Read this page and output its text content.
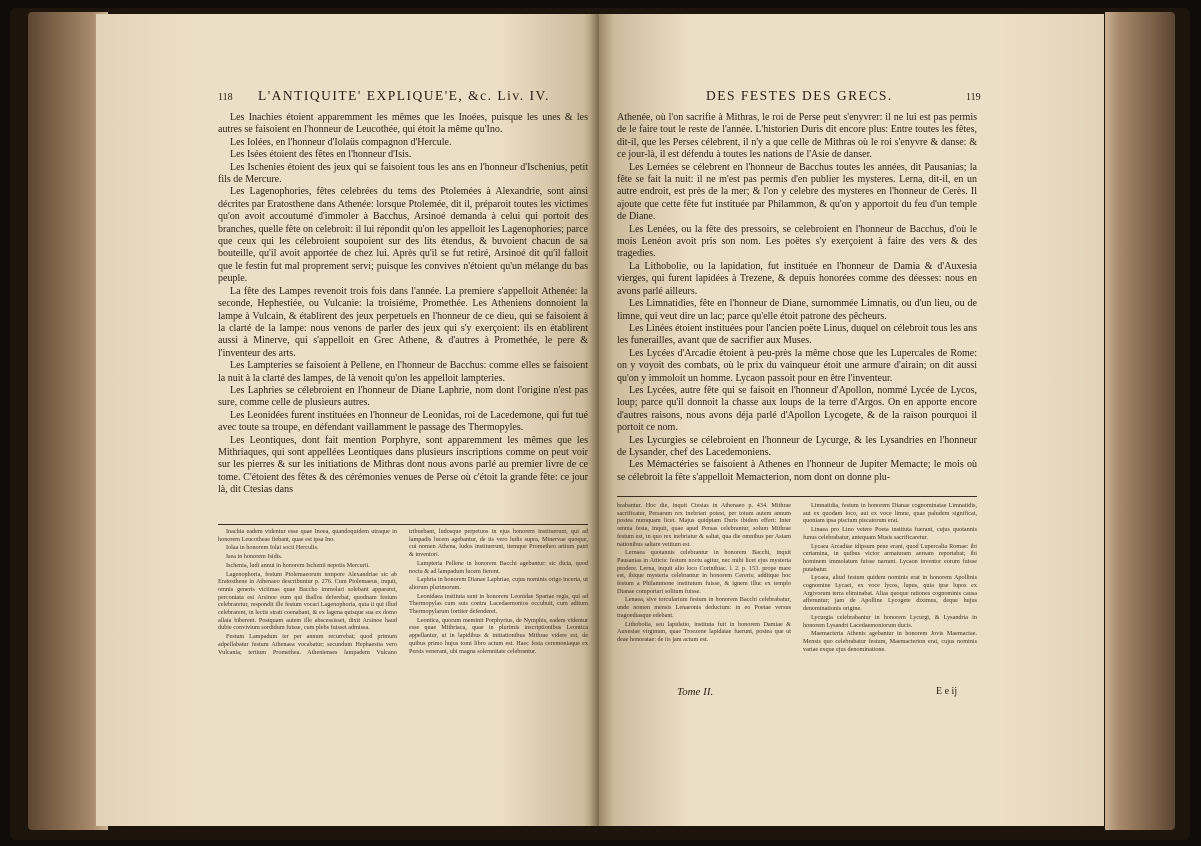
118 L'ANTIQUITE' EXPLIQUE'E, &c. Liv. IV.

Les Inachies étoient apparemment les mêmes que les Inoées, puisque les unes & les autres se faisoient en l'honneur de Leucothée, qui étoit la même qu'Ino.

Les Iolées, en l'honneur d'Iolaüs compagnon d'Hercule.

Les Isées étoient des fêtes en l'honneur d'Isis.

Les Ischenies étoient des jeux qui se faisoient tous les ans en l'honneur d'Ischenius, petit fils de Mercure.

Les Lagenophories, fêtes celebrées du tems des Ptolemées à Alexandrie, sont ainsi décrites par Eratosthene dans Athenée: lorsque Ptolemée, dit il, préparoit toutes les victimes qu'on avoit accoutumé d'immoler à Bacchus, Arsinoé demanda à celui qui portoit des branches, quelle fête on celebroit: il lui répondit qu'on les appelloit les Lagenophories; parce que ceux qui les célebroient soupoient sur des lits étendus, & buvoient chacun de sa bouteille, qu'il avoit apportée de chez lui. Après qu'il se fut retiré, Arsinoé dit qu'il falloit que le festin fut mal proprement servi; puisque les convives n'étoient qu'un mélange du bas peuple.

La fête des Lampes revenoit trois fois dans l'année. La premiere s'appelloit Athenée: la seconde, Hephestiée, ou Vulcanie: la troisiéme, Promethée. Les Atheniens donnoient la lampe à Vulcain, & établirent des jeux perpetuels en l'honneur de ce dieu, qui se faisoient à la clarté de la lampe: nous venons de parler des jeux qui s'y exerçoient: ils en établirent aussi à Minerve, qui s'appelloit en Grec Athene, & d'autres à Promethée, le pere & l'inventeur des arts.

Les Lampteries se faisoient à Pellene, en l'honneur de Bacchus: comme elles se faisoient la nuit à la clarté des lampes, de là venoit qu'on les appelloit lampteries.

Les Laphries se célebroient en l'honneur de Diane Laphrie, nom dont l'origine n'est pas sure, comme celle de plusieurs autres.

Les Leonidées furent instituées en l'honneur de Leonidas, roi de Lacedemone, qui fut tué avec toute sa troupe, en défendant vaillamment le passage des Thermopyles.

Les Leontiques, dont fait mention Porphyre, sont apparemment les mêmes que les Mithriaques, qui sont appellées Leontiques dans plusieurs inscriptions comme on peut voir sur les pierres & sur les initiations de Mithras dont nous avons parlé au premier livre de ce tome. C'étoient des fêtes & des cérémonies venues de Perse où c'étoit la grande fête: ce jour là, dit Ctesias dans

Inachia eadem videntur esse quae Inoea, quandoquidem utraque in honorem Leucotheae fiebant, quae est ipsa Ino.

Iolaa in honorem Iolai socii Herculis.

Isea in honorem Isidis.

Ischenia, ludi annui in honorem Ischenii nepotis Mercurii.

Lagenophoria, festum Ptolemaeorum tempore Alexandriae sic ab Eratosthene in Athenaeo describuntur p. 276. Cum Ptolemaeus, inquit, omnis generis victimas quae Baccho immolari solebant appararet, percontata est Arsinoe eum qui thallos deferebat, quodnam festum celebraretur, respondit ille festum vocari Lagenophoria, quia ii qui illud celebrarent, in lectis strati coenabant, & ex lagena quisque sua ex domo allata biberent. Postquam autem ille abscessisset, dixit Arsinoe haud dubie convivium sordidum fuisse, cum plebs fuisset admissa.

Festum Lampadum ter per annum recurrebat; quod primum adpellabatur festum Athenaea vocabatur; secundum Hephaestia vero Vulcania; tertium Promethea. Athenienses lampadem Vulcano tribuebant, ludosque perpetuos in ejus honorem instituerunt, qui ad lampadis lucem agebantur, de iis vero ludis supra, Minervae quoque, cui nomen Athena, ludos instituerunt, itemque Prometheo artium patri & inventori.

Lampteria Pellene in honorem Bacchi agebantur: sic dicta, quod noctu & ad lampadum lucem fierent.

Laphria in honorem Dianae Laphriae, cujus nominis origo incerta, ut aliorum plurimorum.

Leonidaea instituta sunt in honorem Leonidae Spartae regis, qui ad Thermopylas cum suis contra Lacedaemonios occubuit, cum aditum Thermopylarum fortiter defenderet.

Leontica, quorum meminit Porphyrius, de Nymphis, eadem videntur esse quae Mithriaca, quae in plurimis inscriptionibus Leontica appellantur, ut in lapidibus & initiationibus Mithrae videre est, de quibus primo hujus tomi libro actum est. Haec festa ceremoniaque ex Persis venerant, ubi magna solemnitate celebrantur.

DES FESTES DES GRECS.	119

Athenée, où l'on sacrifie à Mithras, le roi de Perse peut s'enyvrer: il ne lui est pas permis de le faire tout le reste de l'année. L'historien Duris dit encore plus: Entre toutes les fêtes, dit-il, que les Perses célebrent, il n'y a que celle de Mithras où le roi s'enyvre & danse: & ce jour-là, il est défendu à toutes les nations de l'Asie de danser.

Les Lernées se célebrent en l'honneur de Bacchus toutes les années, dit Pausanias; la fête se fait la nuit: il ne m'est pas permis d'en publier les mysteres. Lerna, dit-il, en un autre endroit, est près de la mer; & l'on y celebre des mysteres en l'honneur de Cerès. Il ajoute que cette fête fut instituée par Philammon, & qu'on y apportoit du feu d'un temple de Diane.

Les Lenées, ou la fête des pressoirs, se celebroient en l'honneur de Bacchus, d'où le mois Lenéon avoit pris son nom. Les poëtes s'y exerçoient à faire des vers & des tragedies.

La Lithobolie, ou la lapidation, fut instituée en l'honneur de Damia & d'Auxesia vierges, qui furent lapidées à Trezene, & depuis honorées comme des déesses: nous en avons parlé ailleurs.

Les Limnatidies, fête en l'honneur de Diane, surnommée Limnatis, ou d'un lieu, ou de limne, qui veut dire un lac; parce qu'elle étoit patrone des pêcheurs.

Les Linées étoient instituées pour l'ancien poëte Linus, duquel on célebroit tous les ans les funerailles, avant que de sacrifier aux Muses.

Les Lycées d'Arcadie étoient à peu-près la même chose que les Lupercales de Rome: on y voyoit des combats, où le prix du vainqueur étoit une armure d'airain; on dit aussi qu'on y immoloit un homme. Lycaon passoit pour en être l'inventeur.

Les Lycées, autre fête qui se faisoit en l'honneur d'Apollon, nommé Lycée de Lycos, loup; parce qu'il donnoit la chasse aux loups de la terre d'Argos. On en apporte encore d'autres raisons, nous avons déja parlé d'Apollon Lycogete, & de la raison pourquoi il portoit ce nom.

Les Lycurgies se célebroient en l'honneur de Lycurge, & les Lysandries en l'honneur de Lysander, chef des Lacedemoniens.

Les Mémactéries se faisoient à Athenes en l'honneur de Jupiter Memacte; le mois où se célebroit la fête s'appelloit Memacterion, nom dont on donne plu-

brabantur. Hoc die, inquit Ctesias in Athenaeo p. 434. Mithrae sacrificatur, Persarum rex inebriari potest, per totum autem annum postea numquam licet. Majus quidpiam Duris ibidem effert: Inter omnia festa, inquit, quae apud Persas celebrantur, solum Mithrae festum est, in quo rex inebriatur & saltat, qua die omnibus per Asiam nationibus saltare vetitum est.

Lernaea quotannis celebrantur in honorem Bacchi, inquit Pausanias in Atticis: festum noctu agitur, nec mihi licet ejus mysteria prodere. Lerna, inquit alio loco Corinthiac. l. 2. p. 153. prope mare est, ibique mysteria celebrantur in honorem Cereris; additque hoc festum a Philammone institutum fuisse, & ignem illuc ex templo Dianae comportari solitum fuisse.

Lenaea, sive torcularium festum in honorem Bacchi celebrabatur, unde nomen mensis Lenaeonis deductum: in eo Poetae versus tragoediasque edebant.

Lithobolia, seu lapidatio, instituta fuit in honorem Damiae & Auxesiae virginum, quae Troezene lapidatae fuerunt, postea que ut deae honoratae: de iis jam actum est.

Limnatidia, festum in honorem Dianae cognominatae Limnatidis, aut ex quodam loco, aut ex voce limne, quae paludem significat, quoniam ipsa piscium piscatorum erat.

Linaea pro Lino vetere Poeta instituta fuerant, cujus quotannis funus celebrabatur, antequam Musis sacrificaretur.

Lycaea Arcadiae idipsum pene erant, quod Lupercalia Romae: ibi certamina, in quibus victor armaturam aeream reportabat; ibi hominem immolatum fuisse narrant. Lycaon inventor eorum fuisse putabatur.

Lycaea, aliud festum quidem nominis erat in honorem Apollinis cognomine Lycaei, ex voce lycos, lupus, quia ipse lupos ex Argivorum terra eliminabat. Alias quoque rationes cognominis causa afferuntur; jam de Apolline Lycogete diximus, deque hujus denominationis origine.

Lycurgia celebrabantur in honorem Lycurgi, & Lysandria in honorem Lysandri Lacedaemoniorum ducis.

Maemacteria Athenis agebantur in honorem Jovis Maemactae. Mensis quo celebrabatur festum, Maemacterion erat, cujus nominis variae exque ejus denominatione.

Tome II.	E e ij
